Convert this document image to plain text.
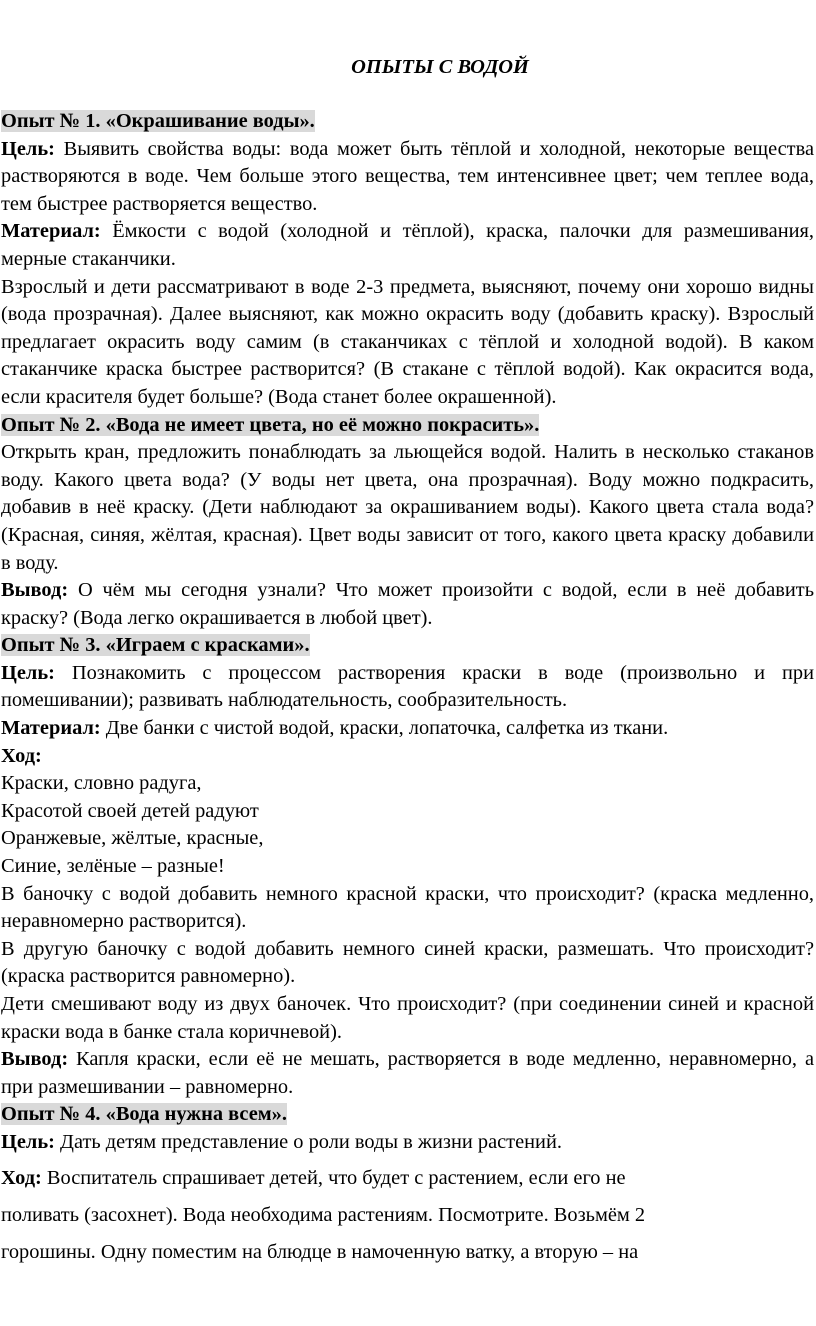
ОПЫТЫ С ВОДОЙ

Опыт № 1. «Окрашивание воды».

Цель: Выявить свойства воды: вода может быть тёплой и холодной, некоторые вещества растворяются в воде. Чем больше этого вещества, тем интенсивнее цвет; чем теплее вода, тем быстрее растворяется вещество.

Материал: Ёмкости с водой (холодной и тёплой), краска, палочки для размешивания, мерные стаканчики.

Взрослый и дети рассматривают в воде 2-3 предмета, выясняют, почему они хорошо видны (вода прозрачная). Далее выясняют, как можно окрасить воду (добавить краску). Взрослый предлагает окрасить воду самим (в стаканчиках с тёплой и холодной водой). В каком стаканчике краска быстрее растворится? (В стакане с тёплой водой). Как окрасится вода, если красителя будет больше? (Вода станет более окрашенной).

Опыт № 2. «Вода не имеет цвета, но её можно покрасить».

Открыть кран, предложить понаблюдать за льющейся водой. Налить в несколько стаканов воду. Какого цвета вода? (У воды нет цвета, она прозрачная). Воду можно подкрасить, добавив в неё краску. (Дети наблюдают за окрашиванием воды). Какого цвета стала вода? (Красная, синяя, жёлтая, красная). Цвет воды зависит от того, какого цвета краску добавили в воду.

Вывод: О чём мы сегодня узнали? Что может произойти с водой, если в неё добавить краску? (Вода легко окрашивается в любой цвет).

Опыт № 3. «Играем с красками».

Цель: Познакомить с процессом растворения краски в воде (произвольно и при помешивании); развивать наблюдательность, сообразительность.

Материал: Две банки с чистой водой, краски, лопаточка, салфетка из ткани.

Ход:

Краски, словно радуга,

Красотой своей детей радуют

Оранжевые, жёлтые, красные,

Синие, зелёные – разные!

В баночку с водой добавить немного красной краски, что происходит? (краска медленно, неравномерно растворится).

В другую баночку с водой добавить немного синей краски, размешать. Что происходит? (краска растворится равномерно).

Дети смешивают воду из двух баночек. Что происходит? (при соединении синей и красной краски вода в банке стала коричневой).

Вывод: Капля краски, если её не мешать, растворяется в воде медленно, неравномерно, а при размешивании – равномерно.

Опыт № 4. «Вода нужна всем».

Цель: Дать детям представление о роли воды в жизни растений.

Ход: Воспитатель спрашивает детей, что будет с растением, если его не

поливать (засохнет). Вода необходима растениям. Посмотрите. Возьмём 2

горошины. Одну поместим на блюдце в намоченную ватку, а вторую – на
